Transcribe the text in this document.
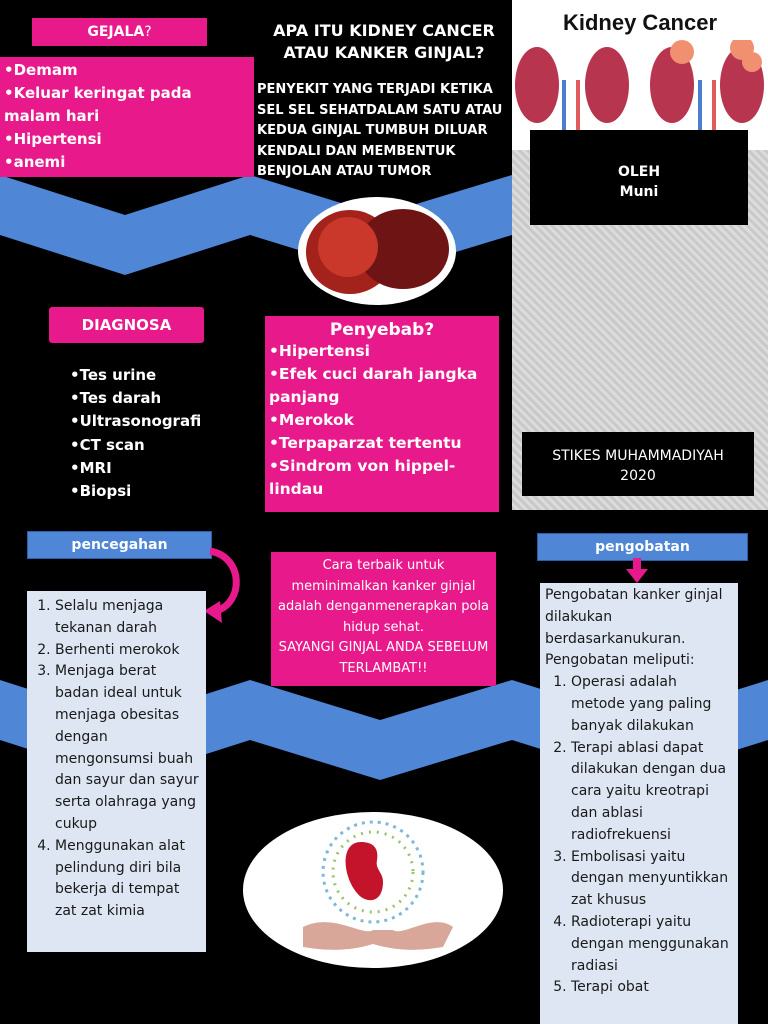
Kidney Cancer
OLEH
Muni
STIKES MUHAMMADIYAH
2020
GEJALA?
•Demam
•Keluar keringat pada malam hari
•Hipertensi
•anemi
APA ITU KIDNEY CANCER
ATAU KANKER GINJAL?
PENYEKIT YANG TERJADI KETIKA SEL SEL SEHATDALAM SATU ATAU KEDUA GINJAL TUMBUH DILUAR KENDALI DAN MEMBENTUK BENJOLAN ATAU TUMOR
DIAGNOSA
•Tes urine
•Tes darah
•Ultrasonografi
•CT scan
•MRI
•Biopsi
Penyebab?
•Hipertensi
•Efek cuci darah jangka panjang
•Merokok
•Terpaparzat tertentu
•Sindrom von hippel-lindau
pencegahan
1. Selalu menjaga tekanan darah
2. Berhenti merokok
3. Menjaga berat badan ideal untuk menjaga obesitas dengan mengonsumsi buah dan sayur dan sayur serta olahraga yang cukup
4. Menggunakan alat pelindung diri bila bekerja di tempat zat zat kimia
Cara terbaik untuk meminimalkan kanker ginjal adalah denganmenerapkan pola hidup sehat.
SAYANGI GINJAL ANDA SEBELUM TERLAMBAT!!
pengobatan
Pengobatan kanker ginjal dilakukan berdasarkanukuran.
Pengobatan meliputi:
1. Operasi adalah metode yang paling banyak dilakukan
2. Terapi ablasi dapat dilakukan dengan dua cara yaitu kreotrapi dan ablasi radiofrekuensi
3. Embolisasi yaitu dengan menyuntikkan zat khusus
4. Radioterapi yaitu dengan menggunakan radiasi
5. Terapi obat
